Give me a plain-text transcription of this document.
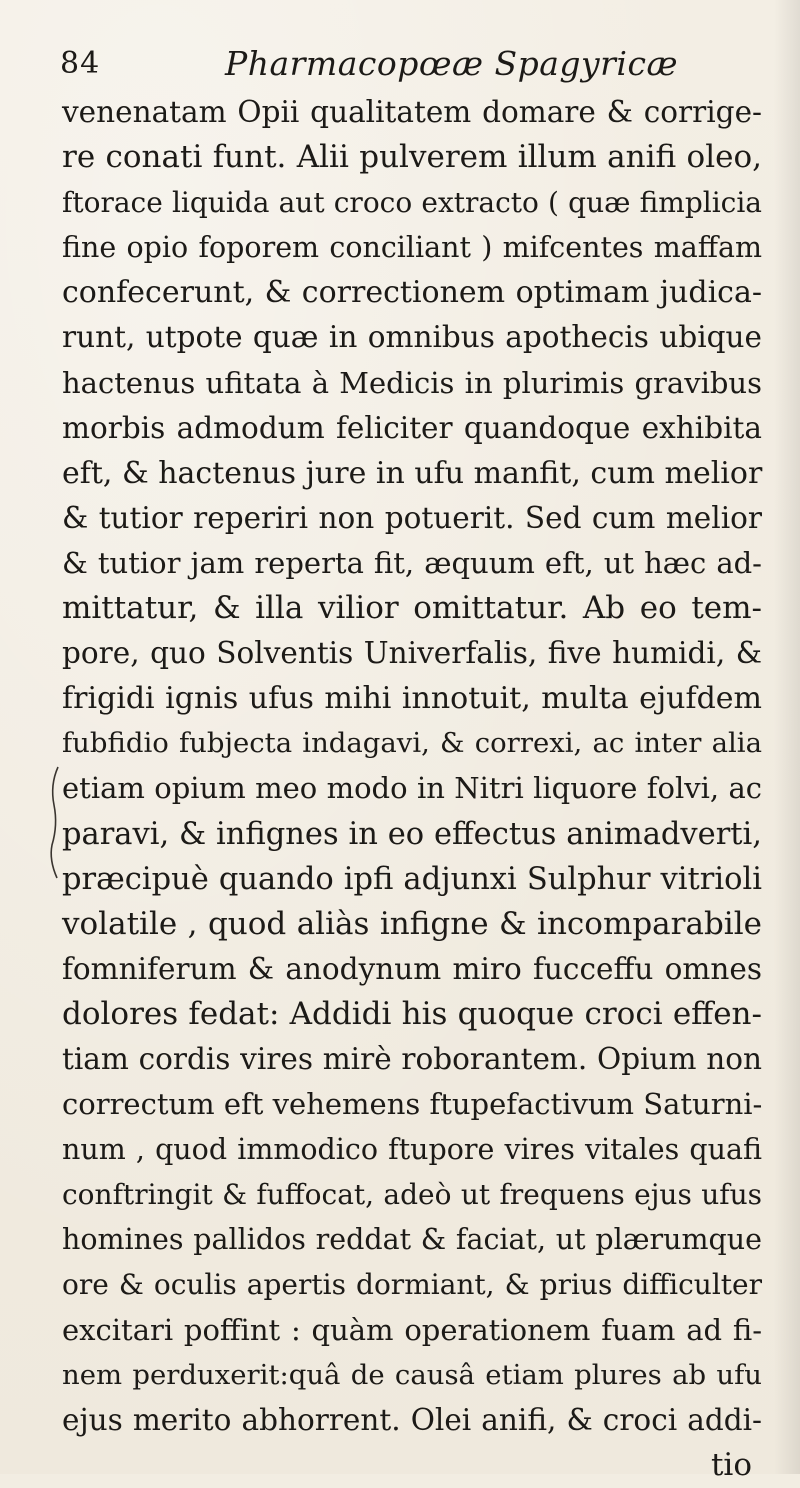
84	Pharmacopœæ Spagyricæ
venenatam Opii qualitatem domare & corrige-
re conati funt. Alii pulverem illum anifi oleo,
ftorace liquida aut croco extracto ( quæ fimplicia
fine opio foporem conciliant ) mifcentes maffam
confecerunt, & correctionem optimam judica-
runt, utpote quæ in omnibus apothecis ubique
hactenus ufitata à Medicis in plurimis gravibus
morbis admodum feliciter quandoque exhibita
eft, & hactenus jure in ufu manfit, cum melior
& tutior reperiri non potuerit. Sed cum melior
& tutior jam reperta fit, æquum eft, ut hæc ad-
mittatur, & illa vilior omittatur. Ab eo tem-
pore, quo Solventis Univerfalis, five humidi, &
frigidi ignis ufus mihi innotuit, multa ejufdem
fubfidio fubjecta indagavi, & correxi, ac inter alia
etiam opium meo modo in Nitri liquore folvi, ac
paravi, & infignes in eo effectus animadverti,
præcipuè quando ipfi adjunxi Sulphur vitrioli
volatile , quod aliàs infigne & incomparabile
fomniferum & anodynum miro fucceffu omnes
dolores fedat: Addidi his quoque croci effen-
tiam cordis vires mirè roborantem. Opium non
correctum eft vehemens ftupefactivum Saturni-
num , quod immodico ftupore vires vitales quafi
conftringit & fuffocat, adeò ut frequens ejus ufus
homines pallidos reddat & faciat, ut plærumque
ore & oculis apertis dormiant, & prius difficulter
excitari poffint : quàm operationem fuam ad fi-
nem perduxerit:quâ de causâ etiam plures ab ufu
ejus merito abhorrent. Olei anifi, & croci addi-
tio
